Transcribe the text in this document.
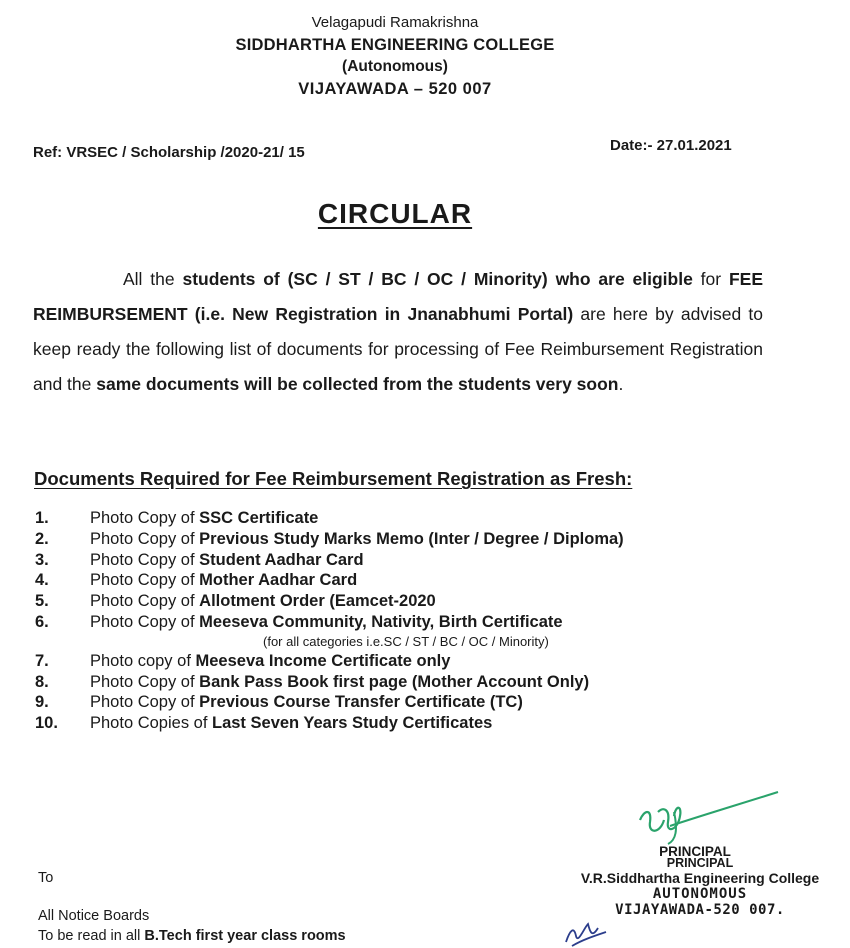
Velagapudi Ramakrishna
SIDDHARTHA ENGINEERING COLLEGE
(Autonomous)
VIJAYAWADA – 520 007
Ref: VRSEC / Scholarship /2020-21/ 15	Date:- 27.01.2021
CIRCULAR

All the students of (SC / ST / BC / OC / Minority) who are eligible for FEE REIMBURSEMENT (i.e. New Registration in Jnanabhumi Portal) are here by advised to keep ready the following list of documents for processing of Fee Reimbursement Registration and the same documents will be collected from the students very soon.

Documents Required for Fee Reimbursement Registration as Fresh:
1. Photo Copy of SSC Certificate
2. Photo Copy of Previous Study Marks Memo (Inter / Degree / Diploma)
3. Photo Copy of Student Aadhar Card
4. Photo Copy of Mother Aadhar Card
5. Photo Copy of Allotment Order (Eamcet-2020
6. Photo Copy of Meeseva Community, Nativity, Birth Certificate
(for all categories i.e.SC / ST / BC / OC / Minority)
7. Photo copy of Meeseva Income Certificate only
8. Photo Copy of Bank Pass Book first page (Mother Account Only)
9. Photo Copy of Previous Course Transfer Certificate (TC)
10. Photo Copies of Last Seven Years Study Certificates
PRINCIPAL
PRINCIPAL
V.R.Siddhartha Engineering College
AUTONOMOUS
VIJAYAWADA-520 007.
To
All Notice Boards
To be read in all B.Tech first year class rooms
